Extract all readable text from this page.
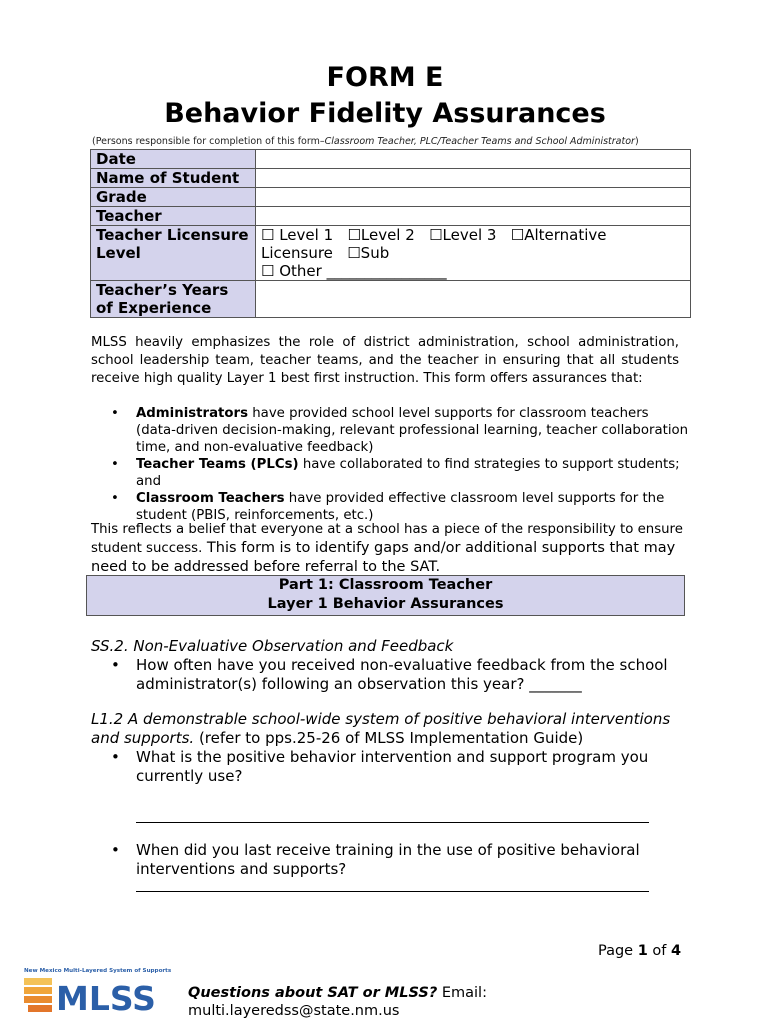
FORM E
Behavior Fidelity Assurances
(Persons responsible for completion of this form–Classroom Teacher, PLC/Teacher Teams and School Administrator)
Date	
Name of Student	
Grade	
Teacher	
Teacher Licensure Level	☐ Level 1 ☐Level 2 ☐Level 3 ☐Alternative
Licensure ☐Sub
☐ Other ________________
Teacher’s Years of Experience	
MLSS heavily emphasizes the role of district administration, school administration, school leadership team, teacher teams, and the teacher in ensuring that all students receive high quality Layer 1 best first instruction. This form offers assurances that:

• Administrators have provided school level supports for classroom teachers (data-driven decision-making, relevant professional learning, teacher collaboration time, and non-evaluative feedback)

• Teacher Teams (PLCs) have collaborated to find strategies to support students; and

• Classroom Teachers have provided effective classroom level supports for the student (PBIS, reinforcements, etc.)

This reflects a belief that everyone at a school has a piece of the responsibility to ensure student success. This form is to identify gaps and/or additional supports that may need to be addressed before referral to the SAT.
Part 1: Classroom Teacher
Layer 1 Behavior Assurances
SS.2. Non-Evaluative Observation and Feedback
• How often have you received non-evaluative feedback from the school administrator(s) following an observation this year? _______
L1.2 A demonstrable school-wide system of positive behavioral interventions and supports. (refer to pps.25-26 of MLSS Implementation Guide)
• What is the positive behavior intervention and support program you currently use?
• When did you last receive training in the use of positive behavioral interventions and supports?
Page 1 of 4
New Mexico Multi-Layered System of Supports
MLSS Questions about SAT or MLSS? Email:
multi.layeredss@state.nm.us
